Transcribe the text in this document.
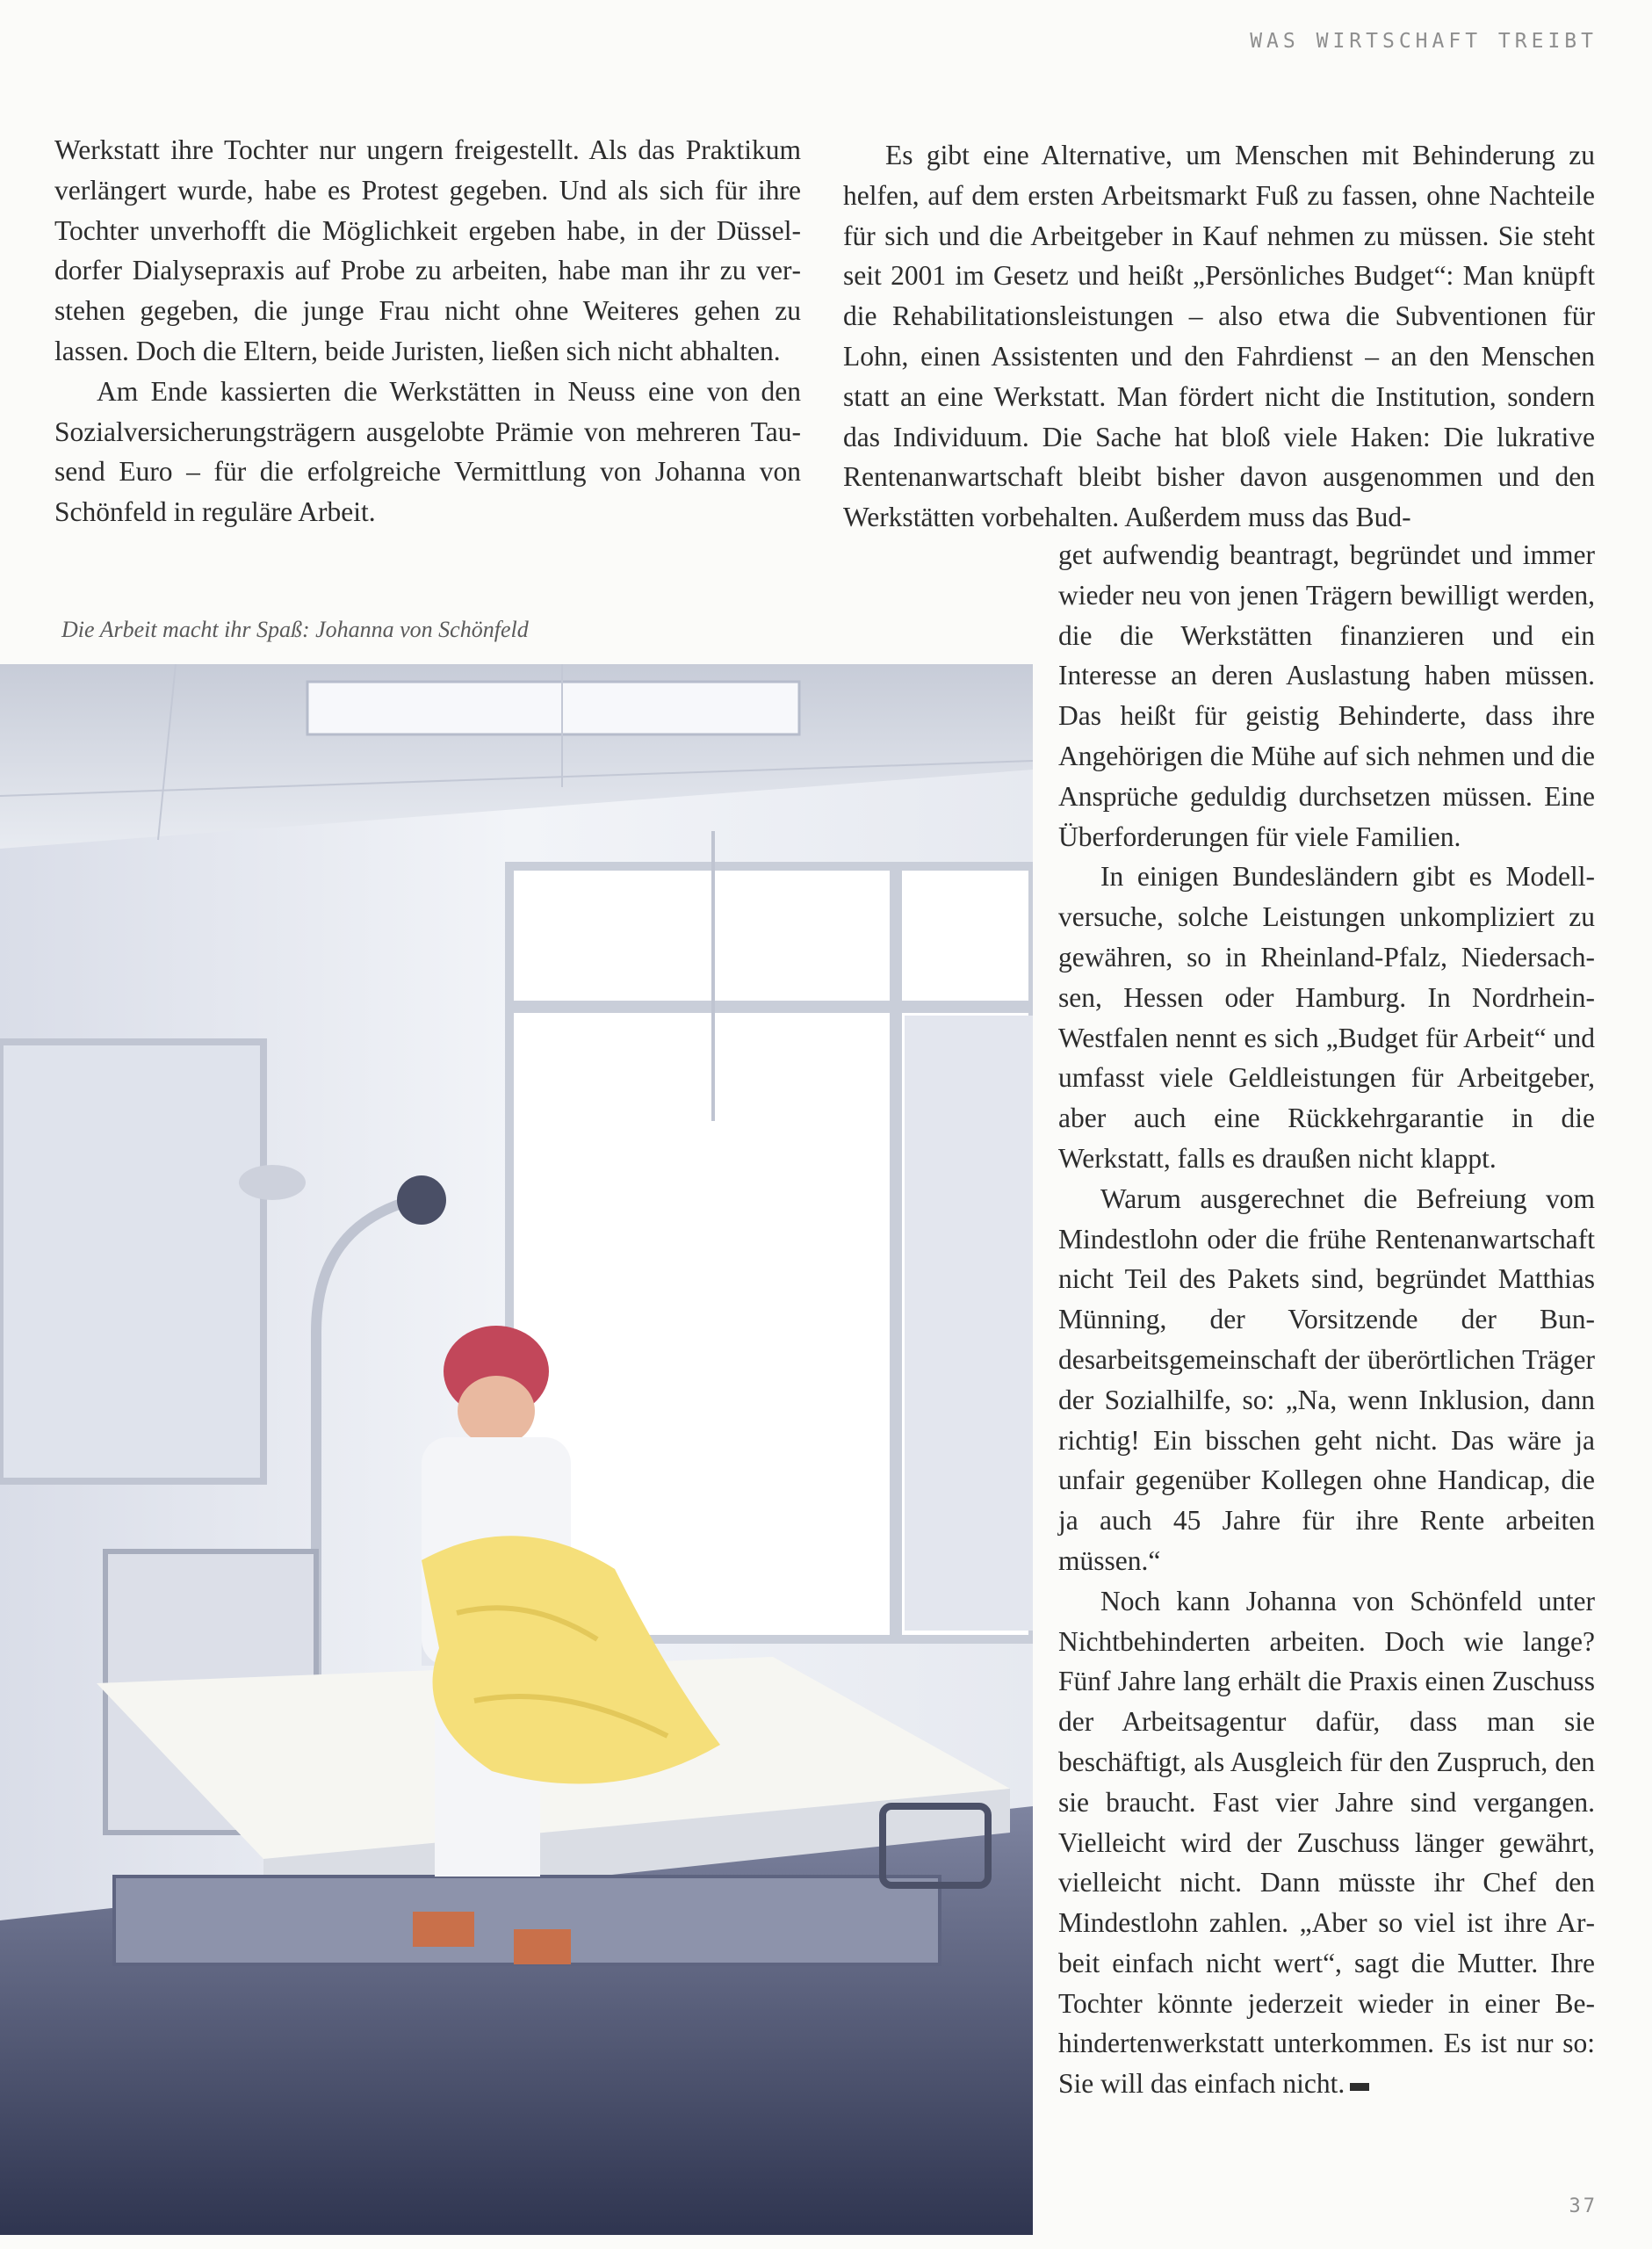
WAS WIRTSCHAFT TREIBT

Werkstatt ihre Tochter nur ungern freigestellt. Als das Praktikum verlängert wurde, habe es Protest gegeben. Und als sich für ihre Tochter unverhofft die Möglichkeit ergeben habe, in der Düsseldorfer Dialysepraxis auf Probe zu arbeiten, habe man ihr zu verstehen gegeben, die junge Frau nicht ohne Weiteres gehen zu lassen. Doch die Eltern, beide Juristen, ließen sich nicht abhalten.

Am Ende kassierten die Werkstätten in Neuss eine von den Sozialversicherungsträgern ausgelobte Prämie von mehreren Tausend Euro – für die erfolgreiche Vermittlung von Johanna von Schönfeld in reguläre Arbeit.

Die Arbeit macht ihr Spaß: Johanna von Schönfeld

Es gibt eine Alternative, um Menschen mit Behinderung zu helfen, auf dem ersten Arbeitsmarkt Fuß zu fassen, ohne Nachteile für sich und die Arbeitgeber in Kauf nehmen zu müssen. Sie steht seit 2001 im Gesetz und heißt „Persönliches Budget“: Man knüpft die Rehabilitationsleistungen – also etwa die Subventionen für Lohn, einen Assistenten und den Fahrdienst – an den Menschen statt an eine Werkstatt. Man fördert nicht die Institution, sondern das Individuum. Die Sache hat bloß viele Haken: Die lukrative Rentenanwartschaft bleibt bisher davon ausgenommen und den Werkstätten vorbehalten. Außerdem muss das Bud-

get aufwendig beantragt, begründet und immer wieder neu von jenen Trägern bewilligt werden, die die Werkstätten finanzieren und ein Interesse an deren Auslastung haben müssen. Das heißt für geistig Behinderte, dass ihre Angehörigen die Mühe auf sich nehmen und die Ansprüche geduldig durchsetzen müssen. Eine Überforderungen für viele Familien.

In einigen Bundesländern gibt es Modellversuche, solche Leistungen unkompliziert zu gewähren, so in Rheinland-Pfalz, Niedersachsen, Hessen oder Hamburg. In Nordrhein-Westfalen nennt es sich „Budget für Arbeit“ und umfasst viele Geldleistungen für Arbeitgeber, aber auch eine Rückkehrgarantie in die Werkstatt, falls es draußen nicht klappt.

Warum ausgerechnet die Befreiung vom Mindestlohn oder die frühe Rentenanwartschaft nicht Teil des Pakets sind, begründet Matthias Münning, der Vorsitzende der Bundesarbeitsgemeinschaft der überörtlichen Träger der Sozialhilfe, so: „Na, wenn Inklusion, dann richtig! Ein bisschen geht nicht. Das wäre ja unfair gegenüber Kollegen ohne Handicap, die ja auch 45 Jahre für ihre Rente arbeiten müssen.“

Noch kann Johanna von Schönfeld unter Nichtbehinderten arbeiten. Doch wie lange? Fünf Jahre lang erhält die Praxis einen Zuschuss der Arbeitsagentur dafür, dass man sie beschäftigt, als Ausgleich für den Zuspruch, den sie braucht. Fast vier Jahre sind vergangen. Vielleicht wird der Zuschuss länger gewährt, vielleicht nicht. Dann müsste ihr Chef den Mindestlohn zahlen. „Aber so viel ist ihre Arbeit einfach nicht wert“, sagt die Mutter. Ihre Tochter könnte jederzeit wieder in einer Behindertenwerkstatt unterkommen. Es ist nur so: Sie will das einfach nicht.

37
